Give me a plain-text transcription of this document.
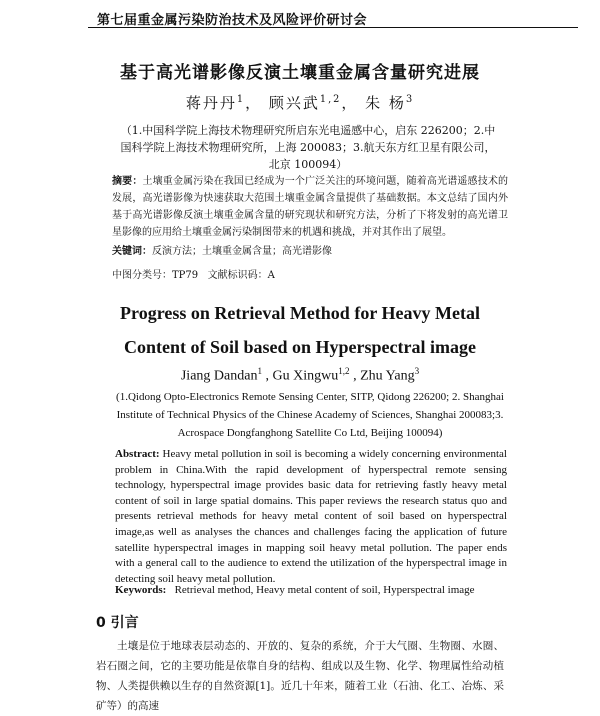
第七届重金属污染防治技术及风险评价研讨会
基于高光谱影像反演土壤重金属含量研究进展
蒋丹丹$^1$， 顾兴武$^{1,2}$， 朱 杨$^3$
（1.中国科学院上海技术物理研究所启东光电遥感中心，启东 226200；2.中国科学院上海技术物理研究所，上海 200083；3.航天东方红卫星有限公司，北京 100094）
摘要：土壤重金属污染在我国已经成为一个广泛关注的环境问题，随着高光谱遥感技术的发展，高光谱影像为快速获取大范围土壤重金属含量提供了基础数据。本文总结了国内外基于高光谱影像反演土壤重金属含量的研究现状和研究方法，分析了下将发射的高光谱卫星影像的应用给土壤重金属污染制图带来的机遇和挑战，并对其作出了展望。
关键词：反演方法；土壤重金属含量；高光谱影像
中图分类号：TP79 文献标识码：A
Progress on Retrieval Method for Heavy Metal
Content of Soil based on Hyperspectral image
Jiang Dandan$^1$ , Gu Xingwu$^{1,2}$ , Zhu Yang$^3$
(1.Qidong Opto-Electronics Remote Sensing Center, SITP, Qidong 226200; 2. Shanghai Institute of Technical Physics of the Chinese Academy of Sciences, Shanghai 200083;3. Acrospace Dongfanghong Satellite Co Ltd, Beijing 100094)
Abstract: Heavy metal pollution in soil is becoming a widely concerning environmental problem in China.With the rapid development of hyperspectral remote sensing technology, hyperspectral image provides basic data for retrieving fastly heavy metal content of soil in large spatial domains. This paper reviews the research status quo and presents retrieval methods for heavy metal content of soil based on hyperspectral image,as well as analyses the chances and challenges facing the application of future satellite hyperspectral images in mapping soil heavy metal pollution. The paper ends with a general call to the audience to extend the utilization of the hyperspectral image in detecting soil heavy metal pollution.
Keywords: Retrieval method, Heavy metal content of soil, Hyperspectral image
0 引言
土壤是位于地球表层动态的、开放的、复杂的系统，介于大气圈、生物圈、水圈、岩石圈之间，它的主要功能是依靠自身的结构、组成以及生物、化学、物理属性给动植物、人类提供赖以生存的自然资源[1]。近几十年来，随着工业（石油、化工、冶炼、采矿等）的高速
